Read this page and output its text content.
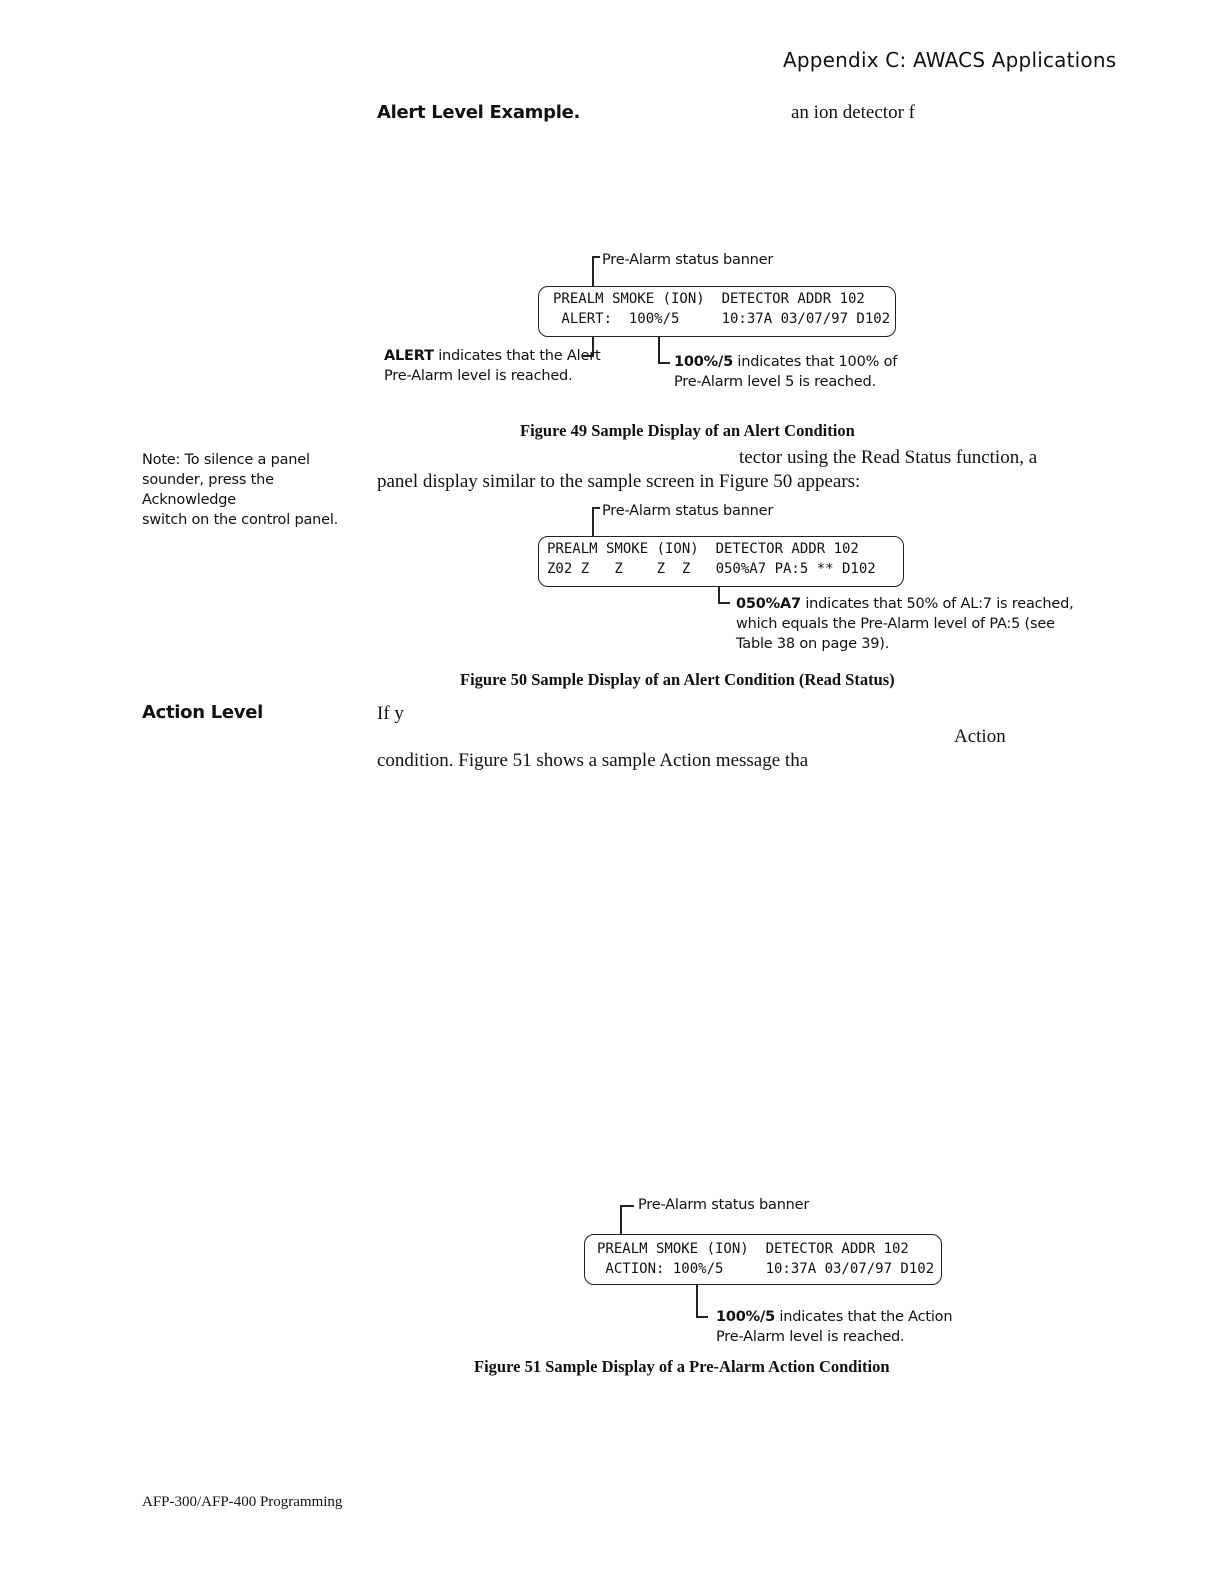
Appendix C: AWACS Applications
Alert Level Example.	an ion detector f
Pre-Alarm status banner
PREALM SMOKE (ION)  DETECTOR ADDR 102
ALERT:  100%/5     10:37A 03/07/97 D102
ALERT indicates that the Alert
Pre-Alarm level is reached.
100%/5 indicates that 100% of
Pre-Alarm level 5 is reached.
Figure 49 Sample Display of an Alert Condition
Note: To silence a panel
sounder, press the Acknowledge
switch on the control panel.
tector using the Read Status function, a
panel display similar to the sample screen in Figure 50 appears:
Pre-Alarm status banner
PREALM SMOKE (ION)  DETECTOR ADDR 102
Z02 Z   Z    Z  Z   050%A7 PA:5 ** D102
050%A7 indicates that 50% of AL:7 is reached,
which equals the Pre-Alarm level of PA:5 (see
Table 38 on page 39).
Figure 50 Sample Display of an Alert Condition (Read Status)
Action Level	If y
Action
condition. Figure 51 shows a sample Action message tha
Pre-Alarm status banner
PREALM SMOKE (ION)  DETECTOR ADDR 102
ACTION: 100%/5     10:37A 03/07/97 D102
100%/5 indicates that the Action
Pre-Alarm level is reached.
Figure 51 Sample Display of a Pre-Alarm Action Condition
AFP-300/AFP-400 Programming
